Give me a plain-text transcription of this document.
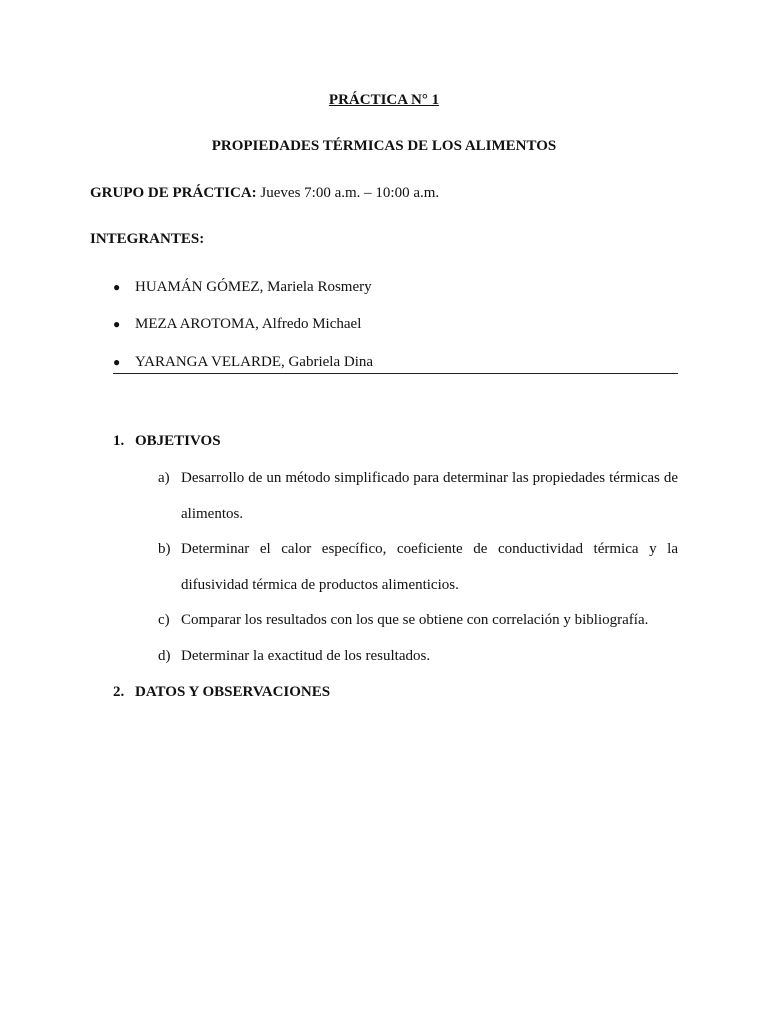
PRÁCTICA N° 1
PROPIEDADES TÉRMICAS DE LOS ALIMENTOS
GRUPO DE PRÁCTICA: Jueves 7:00 a.m. – 10:00 a.m.
INTEGRANTES:
● HUAMÁN GÓMEZ, Mariela Rosmery
● MEZA AROTOMA, Alfredo Michael
● YARANGA VELARDE, Gabriela Dina
1. OBJETIVOS
a) Desarrollo de un método simplificado para determinar las propiedades térmicas de alimentos.
b) Determinar el calor específico, coeficiente de conductividad térmica y la difusividad térmica de productos alimenticios.
c) Comparar los resultados con los que se obtiene con correlación y bibliografía.
d) Determinar la exactitud de los resultados.
2. DATOS Y OBSERVACIONES
